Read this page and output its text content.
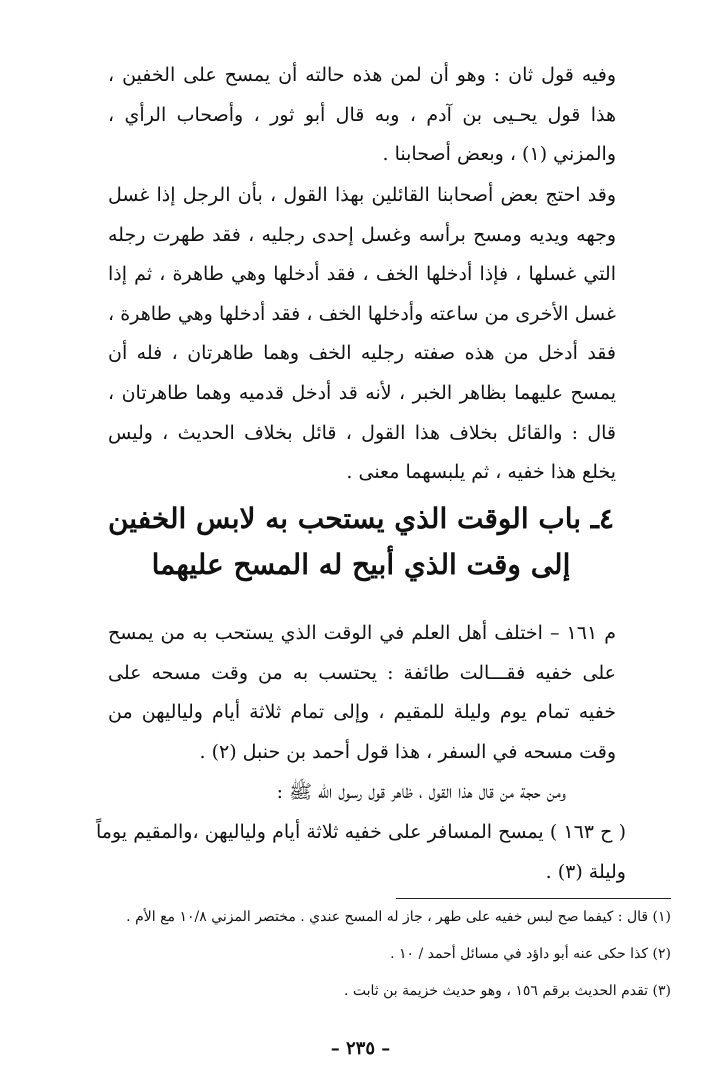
وفيه قول ثان : وهو أن لمن هذه حالته أن يمسح على الخفين ، هذا قول يحـيى بن آدم ، وبه قال أبو ثور ، وأصحاب الرأي ، والمزني (١) ، وبعض أصحابنا .

وقد احتج بعض أصحابنا القائلين بهذا القول ، بأن الرجل إذا غسل وجهه ويديه ومسح برأسه وغسل إحدى رجليه ، فقد طهرت رجله التي غسلها ، فإذا أدخلها الخف ، فقد أدخلها وهي طاهرة ، ثم إذا غسل الأخرى من ساعته وأدخلها الخف ، فقد أدخلها وهي طاهرة ، فقد أدخل من هذه صفته رجليه الخف وهما طاهرتان ، فله أن يمسح عليهما بظاهر الخبر ، لأنه قد أدخل قدميه وهما طاهرتان ، قال : والقائل بخلاف هذا القول ، قائل بخلاف الحديث ، وليس يخلع هذا خفيه ، ثم يلبسهما معنى .

٤ـ باب الوقت الذي يستحب به لابس الخفين إلى وقت الذي أبيح له المسح عليهما

م ١٦١ – اختلف أهل العلم في الوقت الذي يستحب به من يمسح على خفيه فقـــالت طائفة : يحتسب به من وقت مسحه على خفيه تمام يوم وليلة للمقيم ، وإلى تمام ثلاثة أيام ولياليهن من وقت مسحه في السفر ، هذا قول أحمد بن حنبل (٢) .

ومن حجة من قال هذا القول ، ظاهر قول رسول الله ﷺ :

( ح ١٦٣ ) يمسح المسافر على خفيه ثلاثة أيام ولياليهن ،والمقيم يوماً وليلة (٣) .

(١) قال : كيفما صح لبس خفيه على طهر ، جاز له المسح عندي . مختصر المزني ١٠/٨ مع الأم .

(٢) كذا حكى عنه أبو داؤد في مسائل أحمد / ١٠ .

(٣) تقدم الحديث برقم ١٥٦ ، وهو حديث خزيمة بن ثابت .

– ٢٣٥ –
